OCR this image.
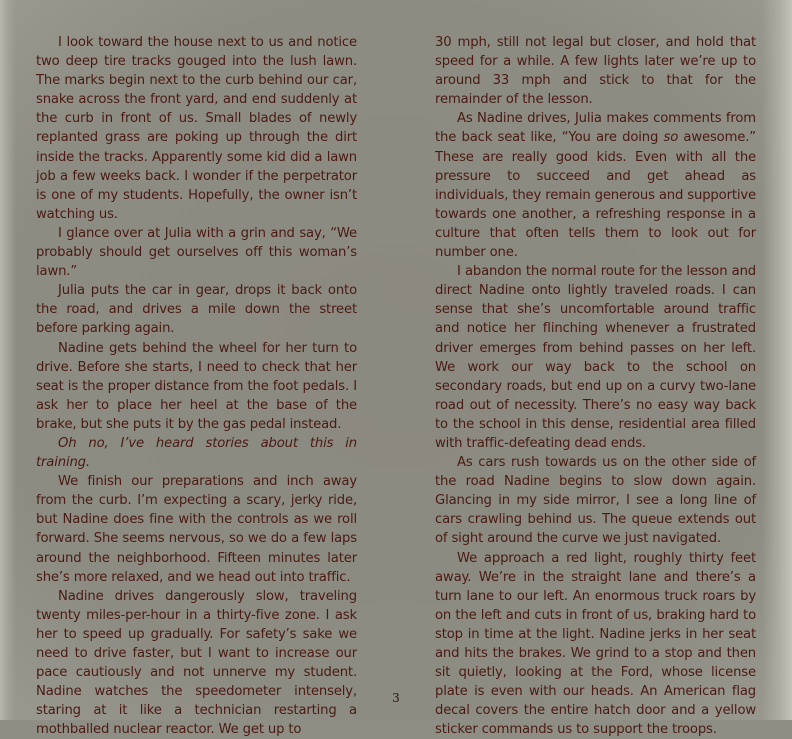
I look toward the house next to us and notice two deep tire tracks gouged into the lush lawn. The marks begin next to the curb behind our car, snake across the front yard, and end suddenly at the curb in front of us. Small blades of newly replanted grass are poking up through the dirt inside the tracks. Apparently some kid did a lawn job a few weeks back. I wonder if the perpetrator is one of my students. Hopefully, the owner isn’t watching us.

I glance over at Julia with a grin and say, “We probably should get ourselves off this woman’s lawn.”

Julia puts the car in gear, drops it back onto the road, and drives a mile down the street before parking again.

Nadine gets behind the wheel for her turn to drive. Before she starts, I need to check that her seat is the proper distance from the foot pedals. I ask her to place her heel at the base of the brake, but she puts it by the gas pedal instead.

Oh no, I’ve heard stories about this in training.

We finish our preparations and inch away from the curb. I’m expecting a scary, jerky ride, but Nadine does fine with the controls as we roll forward. She seems nervous, so we do a few laps around the neighborhood. Fifteen minutes later she’s more relaxed, and we head out into traffic.

Nadine drives dangerously slow, traveling twenty miles-per-hour in a thirty-five zone. I ask her to speed up gradually. For safety’s sake we need to drive faster, but I want to increase our pace cautiously and not unnerve my student. Nadine watches the speedometer intensely, staring at it like a technician restarting a mothballed nuclear reactor. We get up to

30 mph, still not legal but closer, and hold that speed for a while. A few lights later we’re up to around 33 mph and stick to that for the remainder of the lesson.

As Nadine drives, Julia makes comments from the back seat like, “You are doing so awesome.” These are really good kids. Even with all the pressure to succeed and get ahead as individuals, they remain generous and supportive towards one another, a refreshing response in a culture that often tells them to look out for number one.

I abandon the normal route for the lesson and direct Nadine onto lightly traveled roads. I can sense that she’s uncomfortable around traffic and notice her flinching whenever a frustrated driver emerges from behind passes on her left. We work our way back to the school on secondary roads, but end up on a curvy two-lane road out of necessity. There’s no easy way back to the school in this dense, residential area filled with traffic-defeating dead ends.

As cars rush towards us on the other side of the road Nadine begins to slow down again. Glancing in my side mirror, I see a long line of cars crawling behind us. The queue extends out of sight around the curve we just navigated.

We approach a red light, roughly thirty feet away. We’re in the straight lane and there’s a turn lane to our left. An enormous truck roars by on the left and cuts in front of us, braking hard to stop in time at the light. Nadine jerks in her seat and hits the brakes. We grind to a stop and then sit quietly, looking at the Ford, whose license plate is even with our heads. An American flag decal covers the entire hatch door and a yellow sticker commands us to support the troops.

3
